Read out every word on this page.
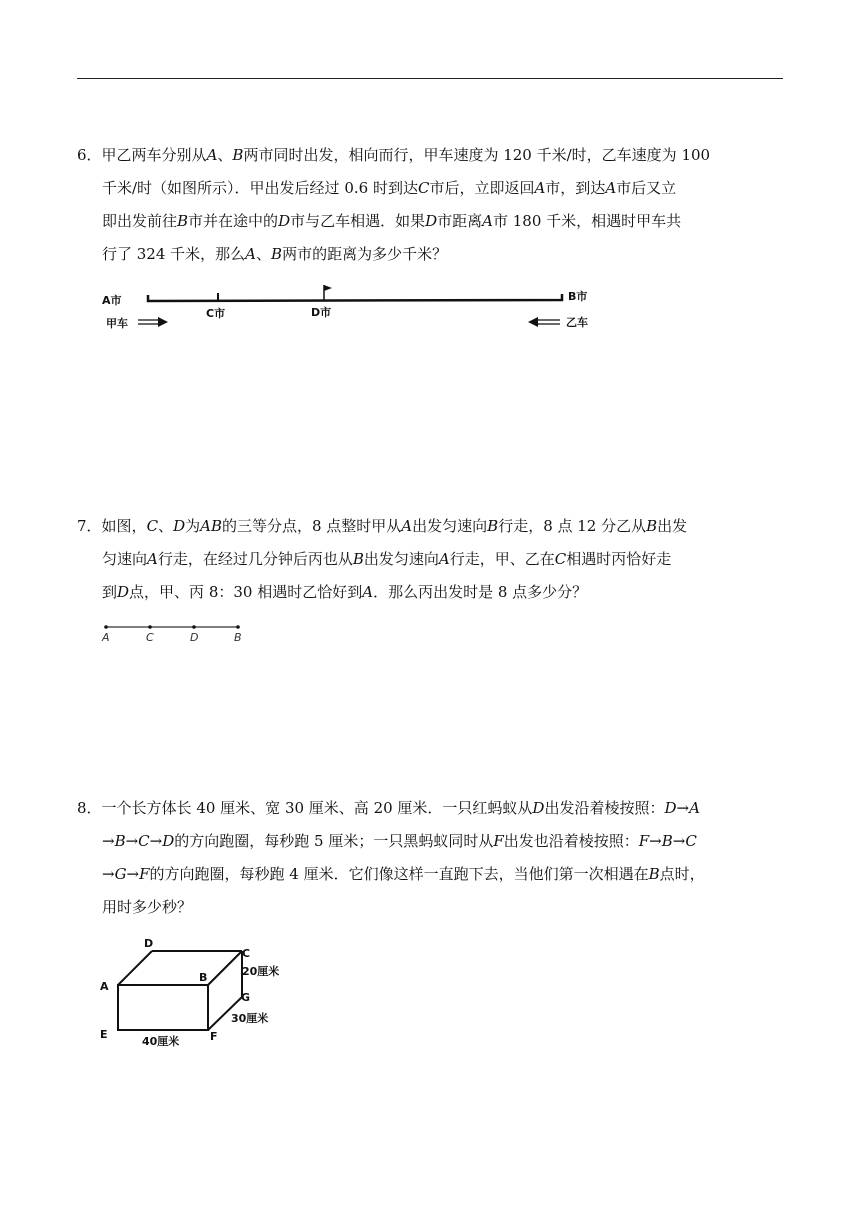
6．甲乙两车分别从A、B两市同时出发，相向而行，甲车速度为 120 千米/时，乙车速度为 100

千米/时（如图所示）．甲出发后经过 0.6 时到达C市后，立即返回A市，到达A市后又立

即出发前往B市并在途中的D市与乙车相遇．如果D市距离A市 180 千米，相遇时甲车共

行了 324 千米，那么A、B两市的距离为多少千米？

A市	B市
C市	D市
甲车	乙车

7．如图，C、D为AB的三等分点，8 点整时甲从A出发匀速向B行走，8 点 12 分乙从B出发

匀速向A行走，在经过几分钟后丙也从B出发匀速向A行走，甲、乙在C相遇时丙恰好走

到D点，甲、丙 8：30 相遇时乙恰好到A．那么丙出发时是 8 点多少分？

A	C	D	B

8．一个长方体长 40 厘米、宽 30 厘米、高 20 厘米．一只红蚂蚁从D出发沿着棱按照：D→A

→B→C→D的方向跑圈，每秒跑 5 厘米；一只黑蚂蚁同时从F出发也沿着棱按照：F→B→C

→G→F的方向跑圈，每秒跑 4 厘米．它们像这样一直跑下去，当他们第一次相遇在B点时，

用时多少秒？

D
C
B
A
G
E	F
20厘米
30厘米
40厘米
